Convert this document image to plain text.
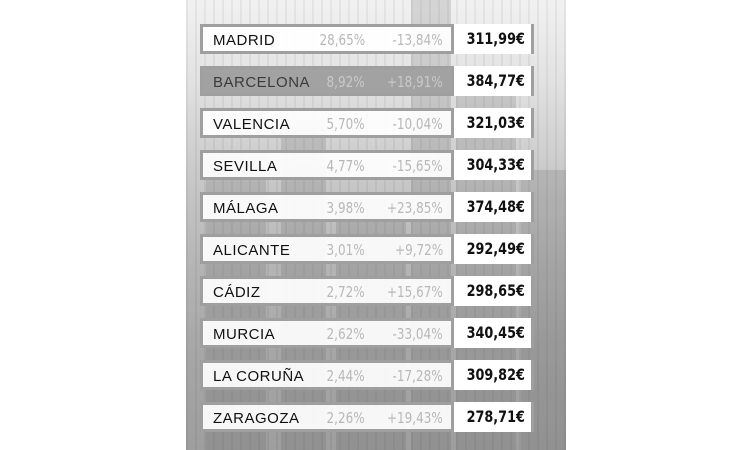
MADRID	28,65% -13,84% 311,99€
BARCELONA 8,92% +18,91% 384,77€
VALENCIA 5,70% -10,04% 321,03€
SEVILLA	4,77% -15,65% 304,33€
MÁLAGA	3,98% +23,85% 374,48€
ALICANTE 3,01% +9,72% 292,49€
CÁDIZ	2,72% +15,67% 298,65€
MURCIA	2,62% -33,04% 340,45€
LA CORUÑA 2,44% -17,28% 309,82€
ZARAGOZA 2,26% +19,43% 278,71€
